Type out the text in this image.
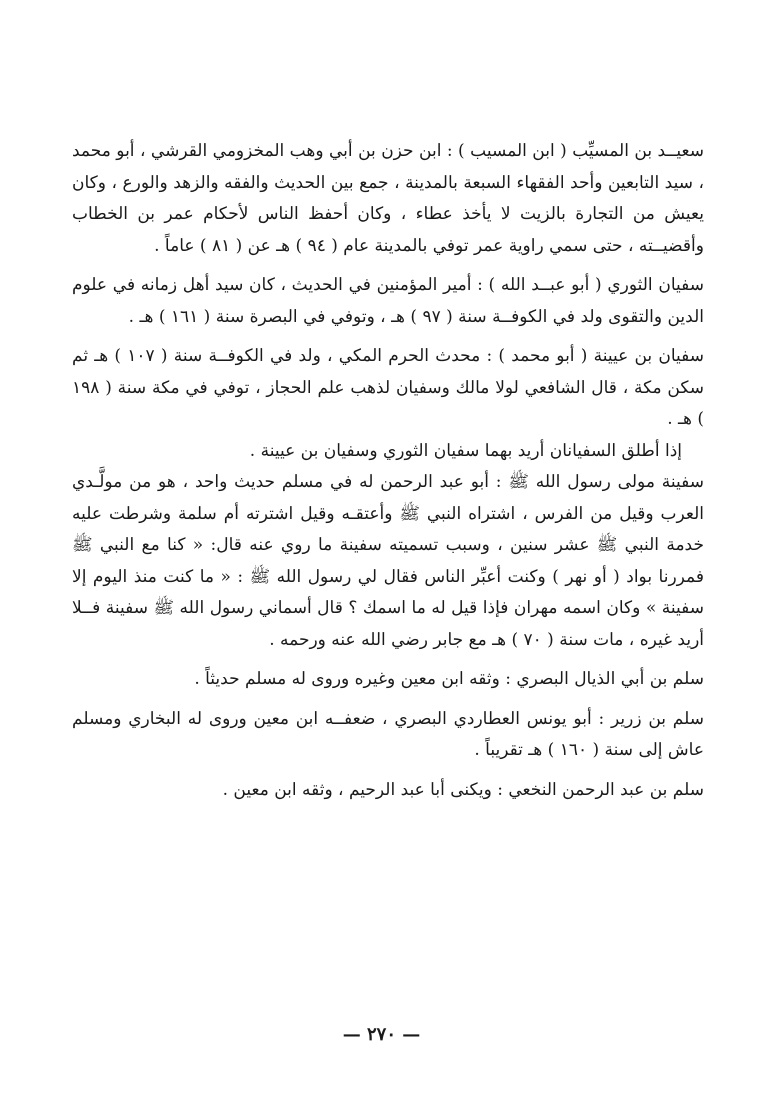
سعيــد بن المسيِّب ( ابن المسيب ) : ابن حزن بن أبي وهب المخزومي القرشي ، أبو محمد ، سيد التابعين وأحد الفقهاء السبعة بالمدينة ، جمع بين الحديث والفقه والزهد والورع ، وكان يعيش من التجارة بالزيت لا يأخذ عطاء ، وكان أحفظ الناس لأحكام عمر بن الخطاب وأقضيــته ، حتى سمي راوية عمر توفي بالمدينة عام ( ٩٤ ) هـ عن ( ٨١ ) عاماً .

سفيان الثوري ( أبو عبــد الله ) : أمير المؤمنين في الحديث ، كان سيد أهل زمانه في علوم الدين والتقوى ولد في الكوفــة سنة ( ٩٧ ) هـ ، وتوفي في البصرة سنة ( ١٦١ ) هـ .

سفيان بن عيينة ( أبو محمد ) : محدث الحرم المكي ، ولد في الكوفــة سنة ( ١٠٧ ) هـ ثم سكن مكة ، قال الشافعي لولا مالك وسفيان لذهب علم الحجاز ، توفي في مكة سنة ( ١٩٨ ) هـ .

إذا أطلق السفيانان أريد بهما سفيان الثوري وسفيان بن عيينة .

سفينة مولى رسول الله ﷺ : أبو عبد الرحمن له في مسلم حديث واحد ، هو من مولَّـدي العرب وقيل من الفرس ، اشتراه النبي ﷺ وأعتقـه وقيل اشترته أم سلمة وشرطت عليه خدمة النبي ﷺ عشر سنين ، وسبب تسميته سفينة ما روي عنه قال: « كنا مع النبي ﷺ فمررنا بواد ( أو نهر ) وكنت أعبِّر الناس فقال لي رسول الله ﷺ : « ما كنت منذ اليوم إلا سفينة » وكان اسمه مهران فإذا قيل له ما اسمك ؟ قال أسماني رسول الله ﷺ سفينة فــلا أريد غيره ، مات سنة ( ٧٠ ) هـ مع جابر رضي الله عنه ورحمه .

سلم بن أبي الذيال البصري : وثقه ابن معين وغيره وروى له مسلم حديثاً .

سلم بن زرير : أبو يونس العطاردي البصري ، ضعفــه ابن معين وروى له البخاري ومسلم عاش إلى سنة ( ١٦٠ ) هـ تقريباً .

سلم بن عبد الرحمن النخعي : ويكنى أبا عبد الرحيم ، وثقه ابن معين .

— ٢٧٠ —
